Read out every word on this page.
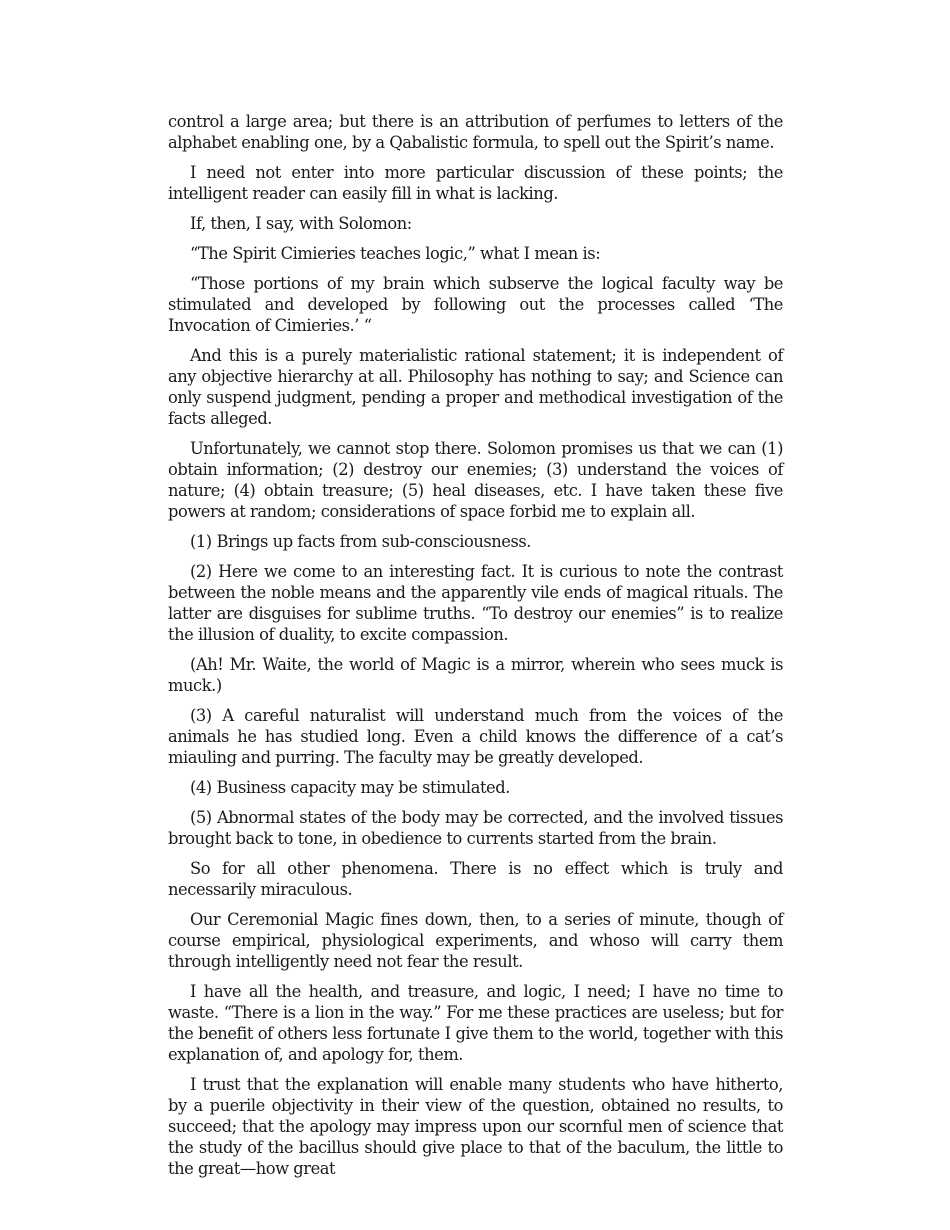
control a large area; but there is an attribution of perfumes to letters of the alphabet enabling one, by a Qabalistic formula, to spell out the Spirit’s name.

I need not enter into more particular discussion of these points; the intelligent reader can easily fill in what is lacking.

If, then, I say, with Solomon:

“The Spirit Cimieries teaches logic,” what I mean is:

“Those portions of my brain which subserve the logical faculty way be stimulated and developed by following out the processes called ‘The Invocation of Cimieries.’ “

And this is a purely materialistic rational statement; it is independent of any objective hierarchy at all. Philosophy has nothing to say; and Science can only suspend judgment, pending a proper and methodical investigation of the facts alleged.

Unfortunately, we cannot stop there. Solomon promises us that we can (1) obtain information; (2) destroy our enemies; (3) understand the voices of nature; (4) obtain treasure; (5) heal diseases, etc. I have taken these five powers at random; considerations of space forbid me to explain all.

(1) Brings up facts from sub-consciousness.

(2) Here we come to an interesting fact. It is curious to note the contrast between the noble means and the apparently vile ends of magical rituals. The latter are disguises for sublime truths. “To destroy our enemies” is to realize the illusion of duality, to excite compassion.

(Ah! Mr. Waite, the world of Magic is a mirror, wherein who sees muck is muck.)

(3) A careful naturalist will understand much from the voices of the animals he has studied long. Even a child knows the difference of a cat’s miauling and purring. The faculty may be greatly developed.

(4) Business capacity may be stimulated.

(5) Abnormal states of the body may be corrected, and the involved tissues brought back to tone, in obedience to currents started from the brain.

So for all other phenomena. There is no effect which is truly and necessarily miraculous.

Our Ceremonial Magic fines down, then, to a series of minute, though of course empirical, physiological experiments, and whoso will carry them through intelligently need not fear the result.

I have all the health, and treasure, and logic, I need; I have no time to waste. “There is a lion in the way.” For me these practices are useless; but for the benefit of others less fortunate I give them to the world, together with this explanation of, and apology for, them.

I trust that the explanation will enable many students who have hitherto, by a puerile objectivity in their view of the question, obtained no results, to succeed; that the apology may impress upon our scornful men of science that the study of the bacillus should give place to that of the baculum, the little to the great—how great
